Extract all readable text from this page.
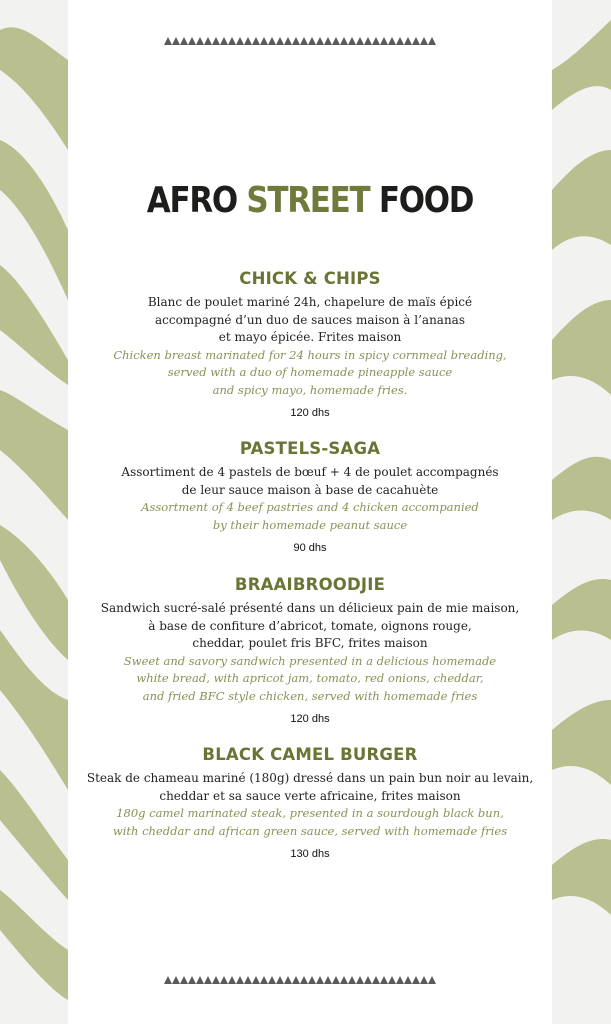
AFRO STREET FOOD
CHICK & CHIPS

Blanc de poulet mariné 24h, chapelure de maïs épicé
accompagné d’un duo de sauces maison à l’ananas
et mayo épicée. Frites maison

Chicken breast marinated for 24 hours in spicy cornmeal breading,
served with a duo of homemade pineapple sauce
and spicy mayo, homemade fries.

120 dhs

PASTELS-SAGA

Assortiment de 4 pastels de bœuf + 4 de poulet accompagnés
de leur sauce maison à base de cacahuète

Assortment of 4 beef pastries and 4 chicken accompanied
by their homemade peanut sauce

90 dhs

BRAAIBROODJIE

Sandwich sucré-salé présenté dans un délicieux pain de mie maison,
à base de confiture d’abricot, tomate, oignons rouge,
cheddar, poulet fris BFC, frites maison

Sweet and savory sandwich presented in a delicious homemade
white bread, with apricot jam, tomato, red onions, cheddar,
and fried BFC style chicken, served with homemade fries

120 dhs

BLACK CAMEL BURGER

Steak de chameau mariné (180g) dressé dans un pain bun noir au levain,
cheddar et sa sauce verte africaine, frites maison

180g camel marinated steak, presented in a sourdough black bun,
with cheddar and african green sauce, served with homemade fries

130 dhs
